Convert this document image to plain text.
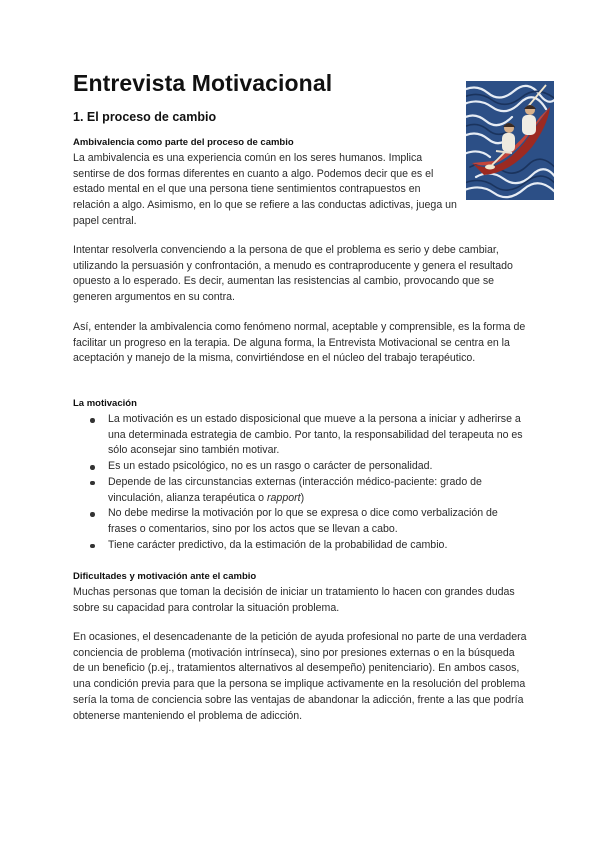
Entrevista Motivacional
1. El proceso de cambio
Ambivalencia como parte del proceso de cambio

La ambivalencia es una experiencia común en los seres humanos. Implica sentirse de dos formas diferentes en cuanto a algo. Podemos decir que es el estado mental en el que una persona tiene sentimientos contrapuestos en relación a algo. Asimismo, en lo que se refiere a las conductas adictivas, juega un papel central.

Intentar resolverla convenciendo a la persona de que el problema es serio y debe cambiar, utilizando la persuasión y confrontación, a menudo es contraproducente y genera el resultado opuesto a lo esperado. Es decir, aumentan las resistencias al cambio, provocando que se generen argumentos en su contra.

Así, entender la ambivalencia como fenómeno normal, aceptable y comprensible, es la forma de facilitar un progreso en la terapia. De alguna forma, la Entrevista Motivacional se centra en la aceptación y manejo de la misma, convirtiéndose en el núcleo del trabajo terapéutico.

La motivación
La motivación es un estado disposicional que mueve a la persona a iniciar y adherirse a una determinada estrategia de cambio. Por tanto, la responsabilidad del terapeuta no es sólo aconsejar sino también motivar.
Es un estado psicológico, no es un rasgo o carácter de personalidad.
Depende de las circunstancias externas (interacción médico-paciente: grado de vinculación, alianza terapéutica o rapport)
No debe medirse la motivación por lo que se expresa o dice como verbalización de frases o comentarios, sino por los actos que se llevan a cabo.
Tiene carácter predictivo, da la estimación de la probabilidad de cambio.
Dificultades y motivación ante el cambio

Muchas personas que toman la decisión de iniciar un tratamiento lo hacen con grandes dudas sobre su capacidad para controlar la situación problema.

En ocasiones, el desencadenante de la petición de ayuda profesional no parte de una verdadera conciencia de problema (motivación intrínseca), sino por presiones externas o en la búsqueda de un beneficio (p.ej., tratamientos alternativos al desempeño) penitenciario). En ambos casos, una condición previa para que la persona se implique activamente en la resolución del problema sería la toma de conciencia sobre las ventajas de abandonar la adicción, frente a las que podría obtenerse manteniendo el problema de adicción.
